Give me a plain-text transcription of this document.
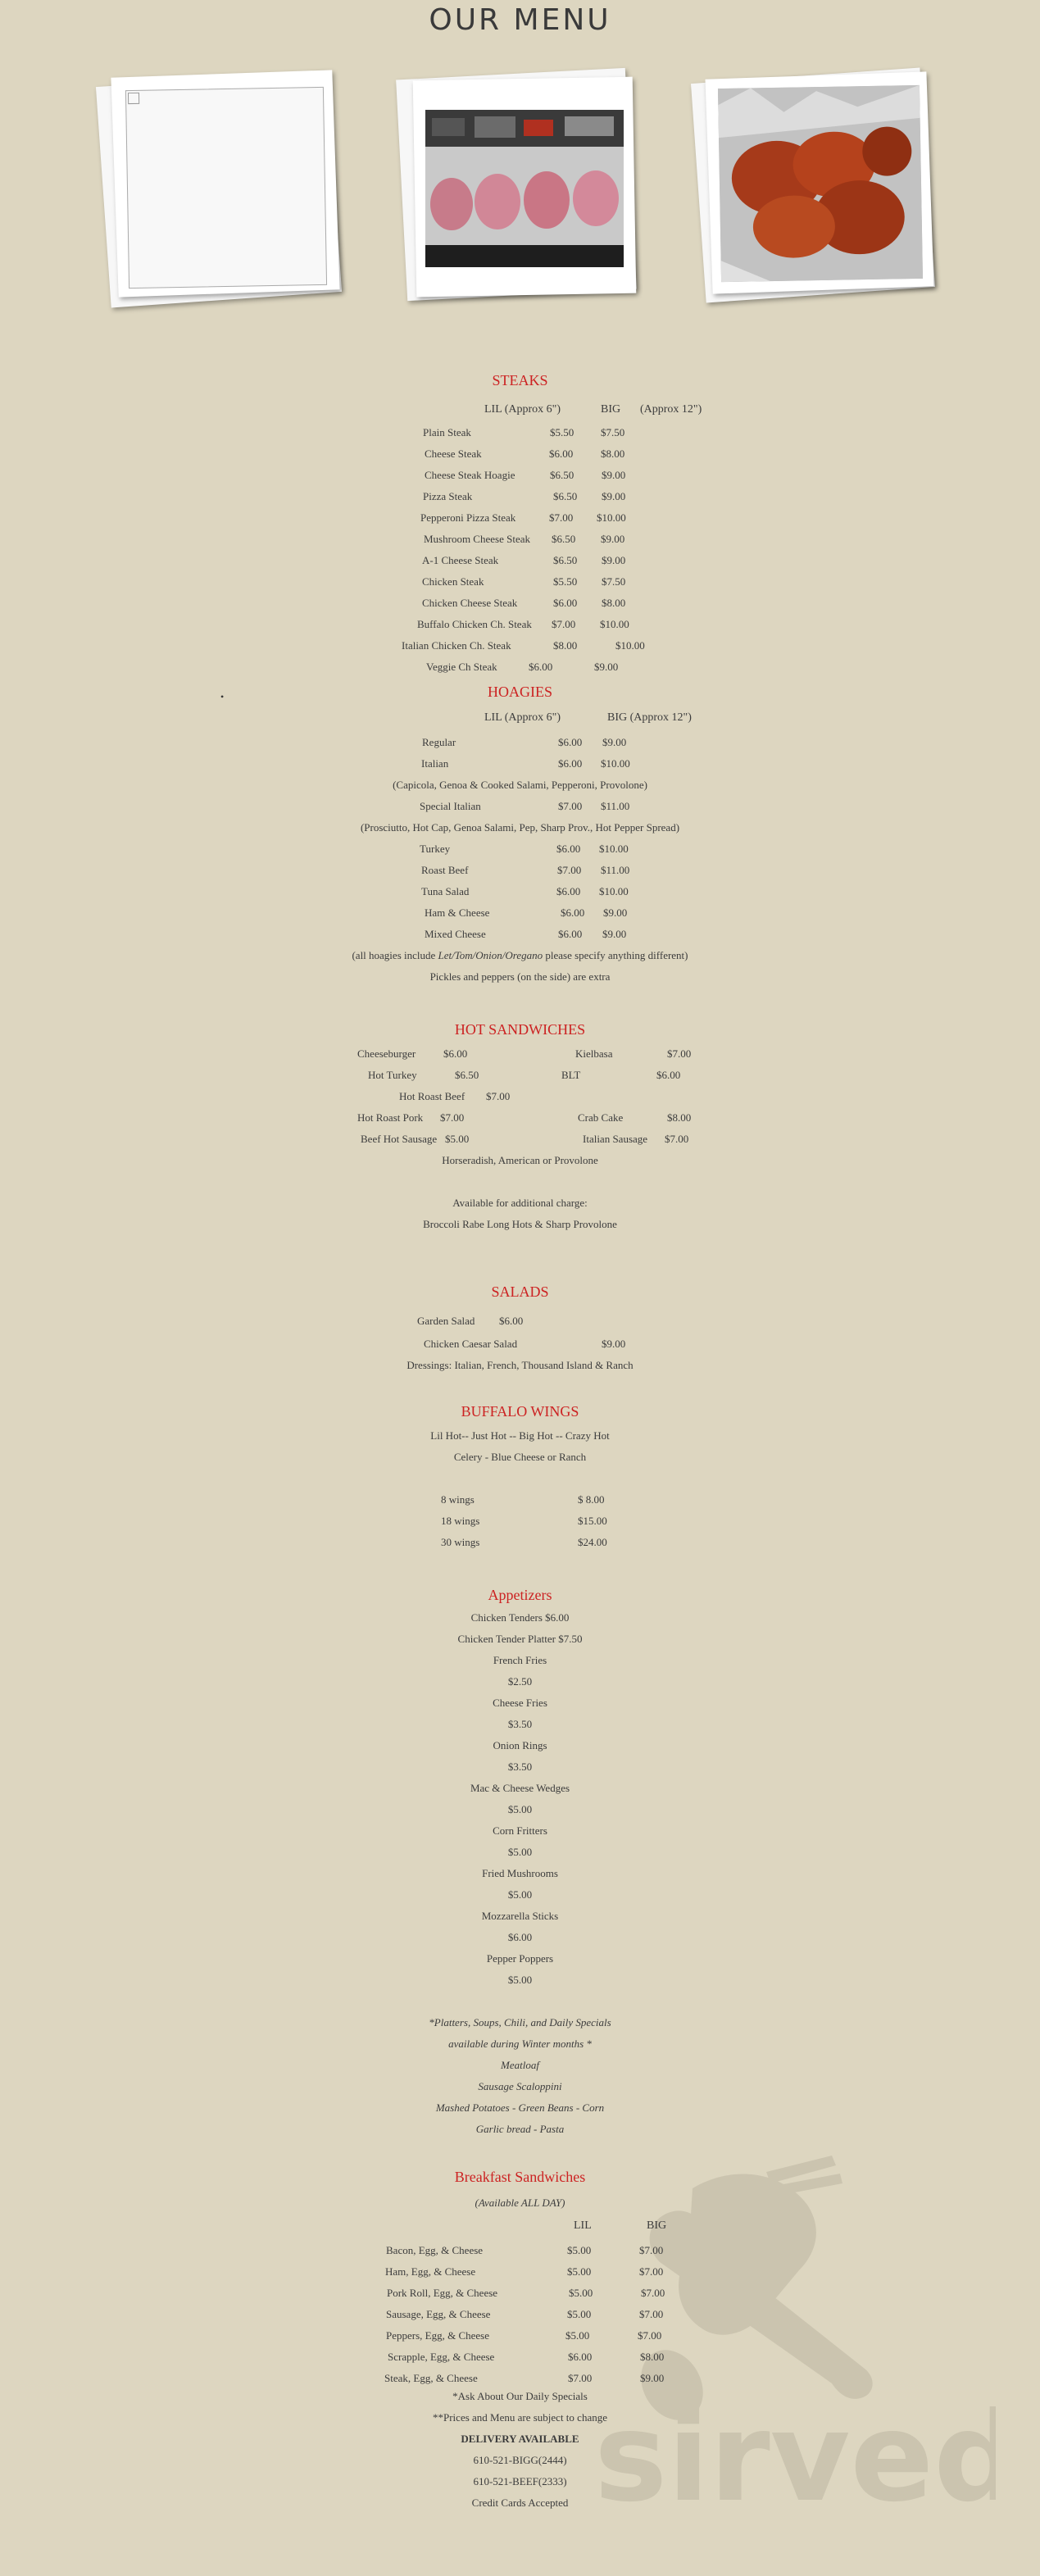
OUR MENU
•
STEAKS
LIL (Approx 6")	BIG (Approx 12")
Plain Steak	$5.50	$7.50
Cheese Steak	$6.00	$8.00
Cheese Steak Hoagie	$6.50	$9.00
Pizza Steak	$6.50 $9.00
Pepperoni Pizza Steak	$7.00 $10.00
Mushroom Cheese Steak $6.50 $9.00
A-1 Cheese Steak	$6.50 $9.00
Chicken Steak	$5.50 $7.50
Chicken Cheese Steak	$6.00 $8.00
Buffalo Chicken Ch. Steak $7.00 $10.00
Italian Chicken Ch. Steak	$8.00	$10.00
Veggie Ch Steak	$6.00	$9.00
HOAGIES
LIL (Approx 6")	BIG (Approx 12")
Regular	$6.00 $9.00
Italian	$6.00 $10.00
(Capicola, Genoa & Cooked Salami, Pepperoni, Provolone)
Special Italian	$7.00 $11.00
(Prosciutto, Hot Cap, Genoa Salami, Pep, Sharp Prov., Hot Pepper Spread)
Turkey	$6.00 $10.00
Roast Beef	$7.00 $11.00
Tuna Salad	$6.00 $10.00
Ham & Cheese	$6.00 $9.00
Mixed Cheese	$6.00 $9.00
(all hoagies include Let/Tom/Onion/Oregano please specify anything different)
Pickles and peppers (on the side) are extra
HOT SANDWICHES
Cheeseburger	$6.00	Kielbasa	$7.00
Hot Turkey	$6.50	BLT	$6.00
Hot Roast Beef $7.00
Hot Roast Pork $7.00	Crab Cake	$8.00
Beef Hot Sausage $5.00	Italian Sausage $7.00
Horseradish, American or Provolone
Available for additional charge:
Broccoli Rabe Long Hots & Sharp Provolone
SALADS
Garden Salad $6.00
Chicken Caesar Salad	$9.00
Dressings: Italian, French, Thousand Island & Ranch
BUFFALO WINGS
Lil Hot-- Just Hot -- Big Hot -- Crazy Hot
Celery - Blue Cheese or Ranch
8 wings	$ 8.00
18 wings	$15.00
30 wings	$24.00
Appetizers
Chicken Tenders $6.00
Chicken Tender Platter $7.50
French Fries
$2.50
Cheese Fries
$3.50
Onion Rings
$3.50
Mac & Cheese Wedges
$5.00
Corn Fritters
$5.00
Fried Mushrooms
$5.00
Mozzarella Sticks
$6.00
Pepper Poppers
$5.00
*Platters, Soups, Chili, and Daily Specials
available during Winter months *
Meatloaf
Sausage Scaloppini
Mashed Potatoes - Green Beans - Corn
Garlic bread - Pasta
sirved
Breakfast Sandwiches
(Available ALL DAY)
LIL	BIG
Bacon, Egg, & Cheese	$5.00	$7.00
Ham, Egg, & Cheese	$5.00	$7.00
Pork Roll, Egg, & Cheese	$5.00	$7.00
Sausage, Egg, & Cheese	$5.00	$7.00
Peppers, Egg, & Cheese	$5.00	$7.00
Scrapple, Egg, & Cheese	$6.00	$8.00
Steak, Egg, & Cheese	$7.00	$9.00
*Ask About Our Daily Specials
**Prices and Menu are subject to change
DELIVERY AVAILABLE
610-521-BIGG(2444)
610-521-BEEF(2333)
Credit Cards Accepted
